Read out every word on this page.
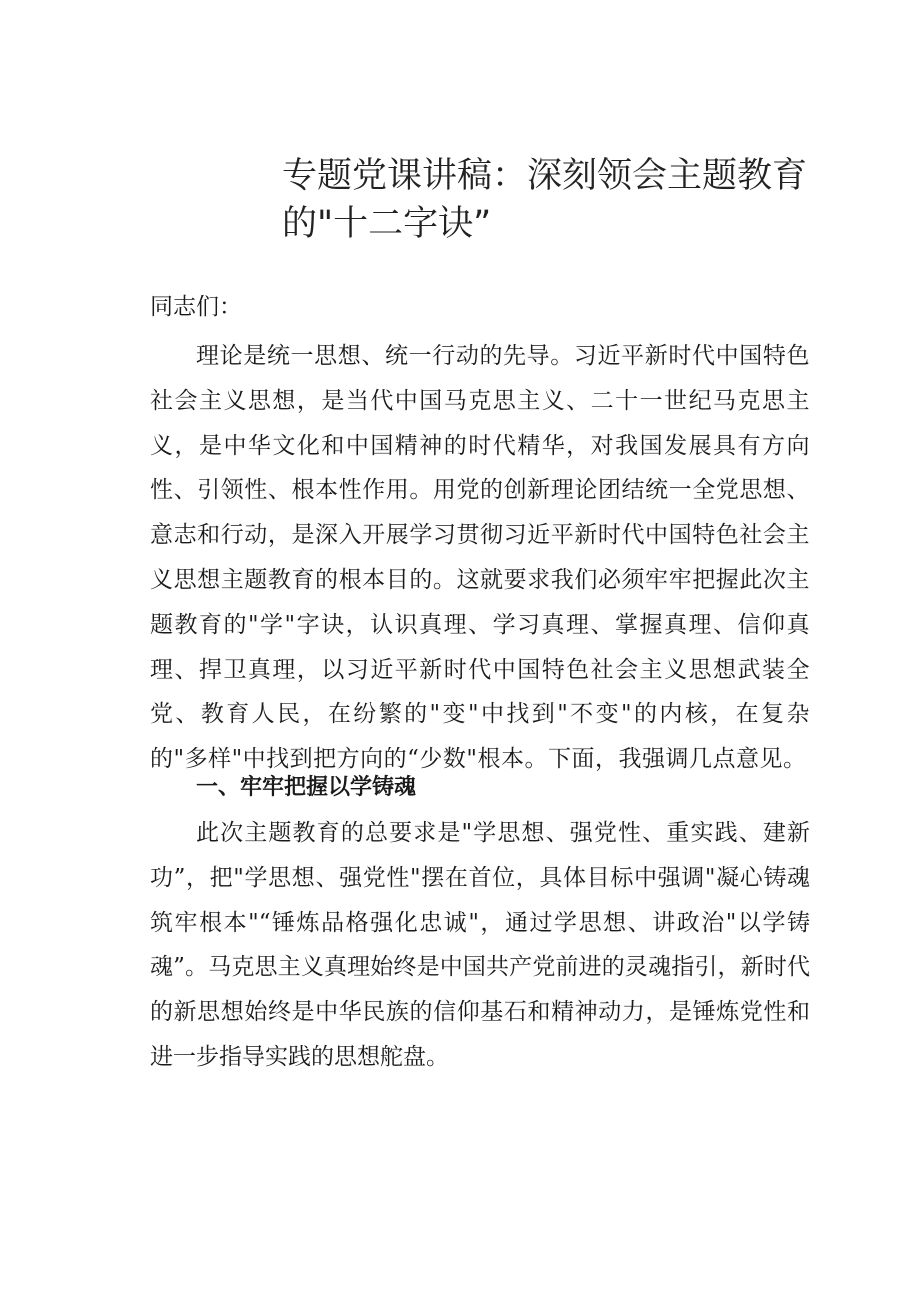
专题党课讲稿：深刻领会主题教育
的"十二字诀”

同志们：

理论是统一思想、统一行动的先导。习近平新时代中国特色社会主义思想，是当代中国马克思主义、二十一世纪马克思主义，是中华文化和中国精神的时代精华，对我国发展具有方向性、引领性、根本性作用。用党的创新理论团结统一全党思想、意志和行动，是深入开展学习贯彻习近平新时代中国特色社会主义思想主题教育的根本目的。这就要求我们必须牢牢把握此次主题教育的"学"字诀，认识真理、学习真理、掌握真理、信仰真理、捍卫真理，以习近平新时代中国特色社会主义思想武装全党、教育人民，在纷繁的"变"中找到"不变"的内核，在复杂的"多样"中找到把方向的“少数"根本。下面，我强调几点意见。

一、牢牢把握以学铸魂

此次主题教育的总要求是"学思想、强党性、重实践、建新功”，把"学思想、强党性"摆在首位，具体目标中强调"凝心铸魂筑牢根本"“锤炼品格强化忠诚"，通过学思想、讲政治"以学铸魂”。马克思主义真理始终是中国共产党前进的灵魂指引，新时代的新思想始终是中华民族的信仰基石和精神动力，是锤炼党性和进一步指导实践的思想舵盘。
